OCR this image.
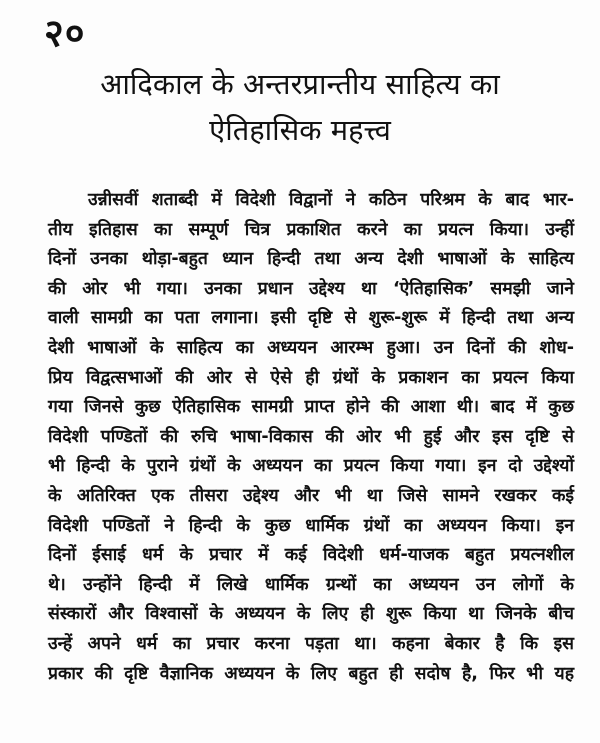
२०
आदिकाल के अन्तरप्रान्तीय साहित्य का
ऐतिहासिक महत्त्व
उन्नीसवीं शताब्दी में विदेशी विद्वानों ने कठिन परिश्रम के बाद भार-
तीय इतिहास का सम्पूर्ण चित्र प्रकाशित करने का प्रयत्न किया। उन्हीं
दिनों उनका थोड़ा-बहुत ध्यान हिन्दी तथा अन्य देशी भाषाओं के साहित्य
की ओर भी गया। उनका प्रधान उद्देश्य था ‘ऐतिहासिक’ समझी जाने
वाली सामग्री का पता लगाना। इसी दृष्टि से शुरू-शुरू में हिन्दी तथा अन्य
देशी भाषाओं के साहित्य का अध्ययन आरम्भ हुआ। उन दिनों की शोध-
प्रिय विद्वत्सभाओं की ओर से ऐसे ही ग्रंथों के प्रकाशन का प्रयत्न किया
गया जिनसे कुछ ऐतिहासिक सामग्री प्राप्त होने की आशा थी। बाद में कुछ
विदेशी पण्डितों की रुचि भाषा-विकास की ओर भी हुई और इस दृष्टि से
भी हिन्दी के पुराने ग्रंथों के अध्ययन का प्रयत्न किया गया। इन दो उद्देश्यों
के अतिरिक्त एक तीसरा उद्देश्य और भी था जिसे सामने रखकर कई
विदेशी पण्डितों ने हिन्दी के कुछ धार्मिक ग्रंथों का अध्ययन किया। इन
दिनों ईसाई धर्म के प्रचार में कई विदेशी धर्म-याजक बहुत प्रयत्नशील
थे। उन्होंने हिन्दी में लिखे धार्मिक ग्रन्थों का अध्ययन उन लोगों के
संस्कारों और विश्वासों के अध्ययन के लिए ही शुरू किया था जिनके बीच
उन्हें अपने धर्म का प्रचार करना पड़ता था। कहना बेकार है कि इस
प्रकार की दृष्टि वैज्ञानिक अध्ययन के लिए बहुत ही सदोष है, फिर भी यह
